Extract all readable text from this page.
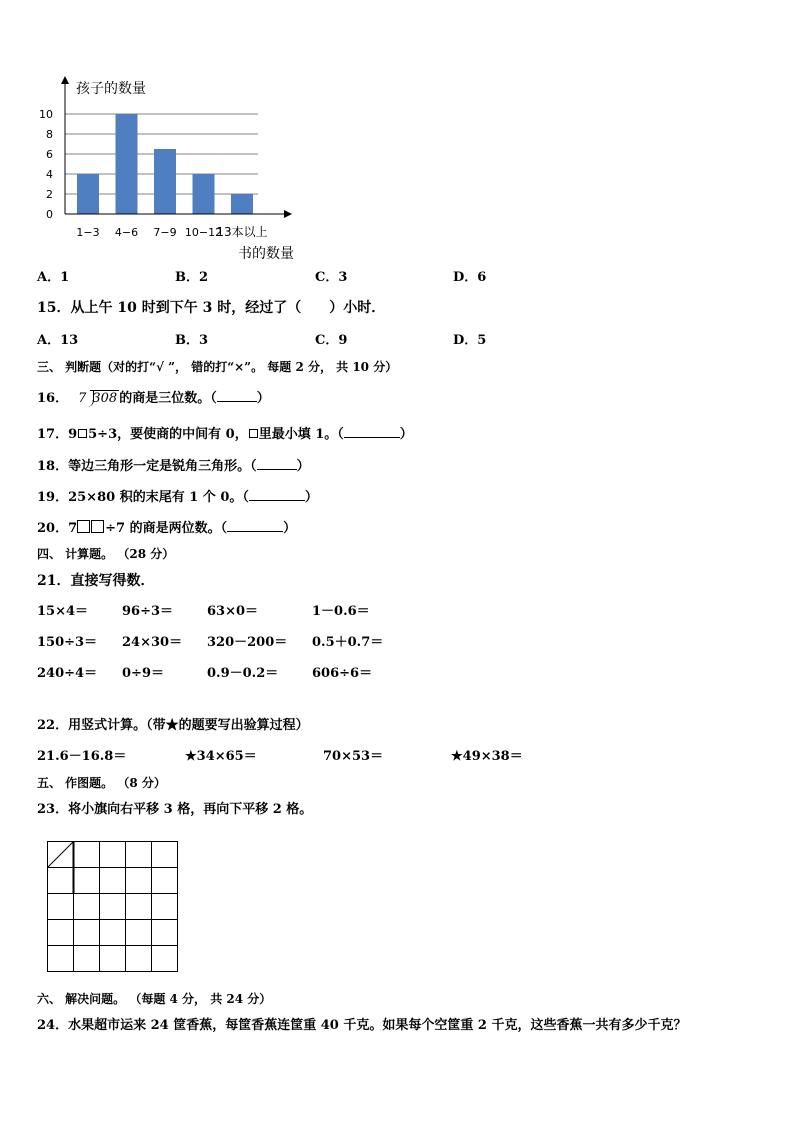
0
2
4
6
8
10
1−3 4−6 7−9 10−12
13本以上
孩子的数量
书的数量
A．1	B．2	C．3	D．6
15．从上午 10 时到下午 3 时，经过了（　　）小时．
A．13	B．3	C．9	D．5
三、 判断题（对的打“√ ”， 错的打“×”。 每题 2 分， 共 10 分）
16． 7 308 的商是三位数。（	）
17．9 5÷3，要使商的中间有 0， 里最小填 1。（	）
18．等边三角形一定是锐角三角形。（	）
19．25×80 积的末尾有 1 个 0。（	）
20．7 ÷7 的商是两位数。（	）
四、 计算题。 （28 分）
21．直接写得数．
15×4＝	96÷3＝	63×0＝	1－0.6＝
150÷3＝ 24×30＝ 320－200＝ 0.5＋0.7＝
240÷4＝ 0÷9＝	0.9－0.2＝	606÷6＝
22．用竖式计算。（带★的题要写出验算过程）
21.6－16.8＝	★34×65＝	70×53＝	★49×38＝
五、 作图题。 （8 分）
23．将小旗向右平移 3 格，再向下平移 2 格。
六、 解决问题。 （每题 4 分， 共 24 分）
24．水果超市运来 24 筐香蕉，每筐香蕉连筐重 40 千克。如果每个空筐重 2 千克，这些香蕉一共有多少千克？
